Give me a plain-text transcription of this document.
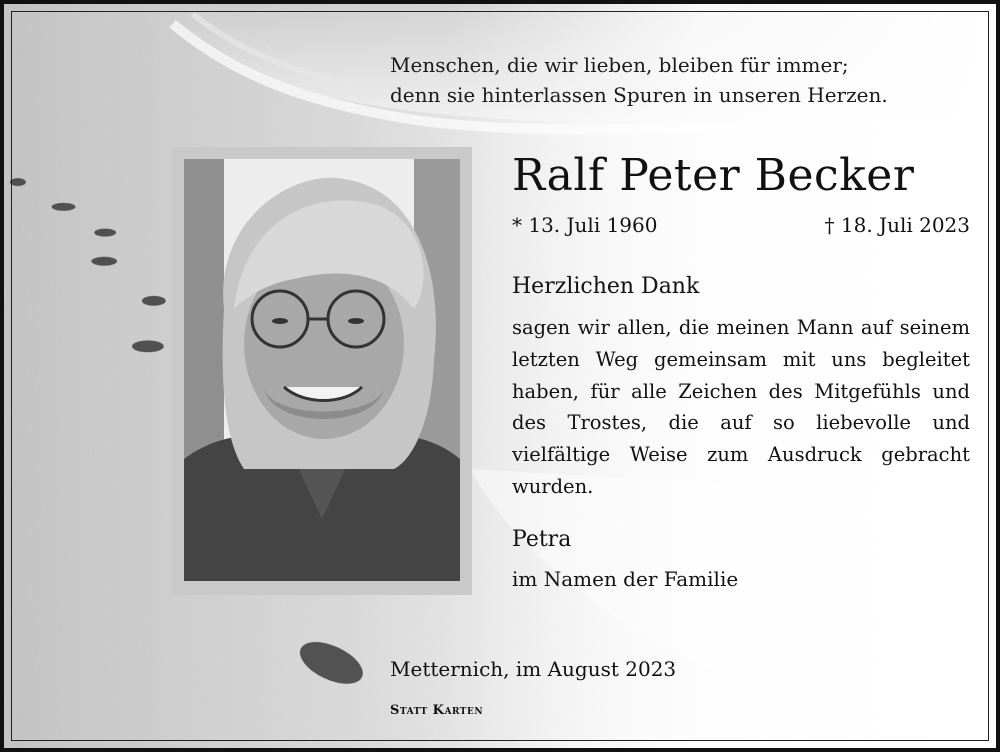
Menschen, die wir lieben, bleiben für immer;
denn sie hinterlassen Spuren in unseren Herzen.
Ralf Peter Becker
* 13. Juli 1960	† 18. Juli 2023
Herzlichen Dank
sagen wir allen, die meinen Mann auf seinem letzten Weg gemeinsam mit uns begleitet haben, für alle Zeichen des Mitgefühls und des Trostes, die auf so liebevolle und vielfältige Weise zum Ausdruck gebracht wurden.
Petra
im Namen der Familie
Metternich, im August 2023
Statt Karten
